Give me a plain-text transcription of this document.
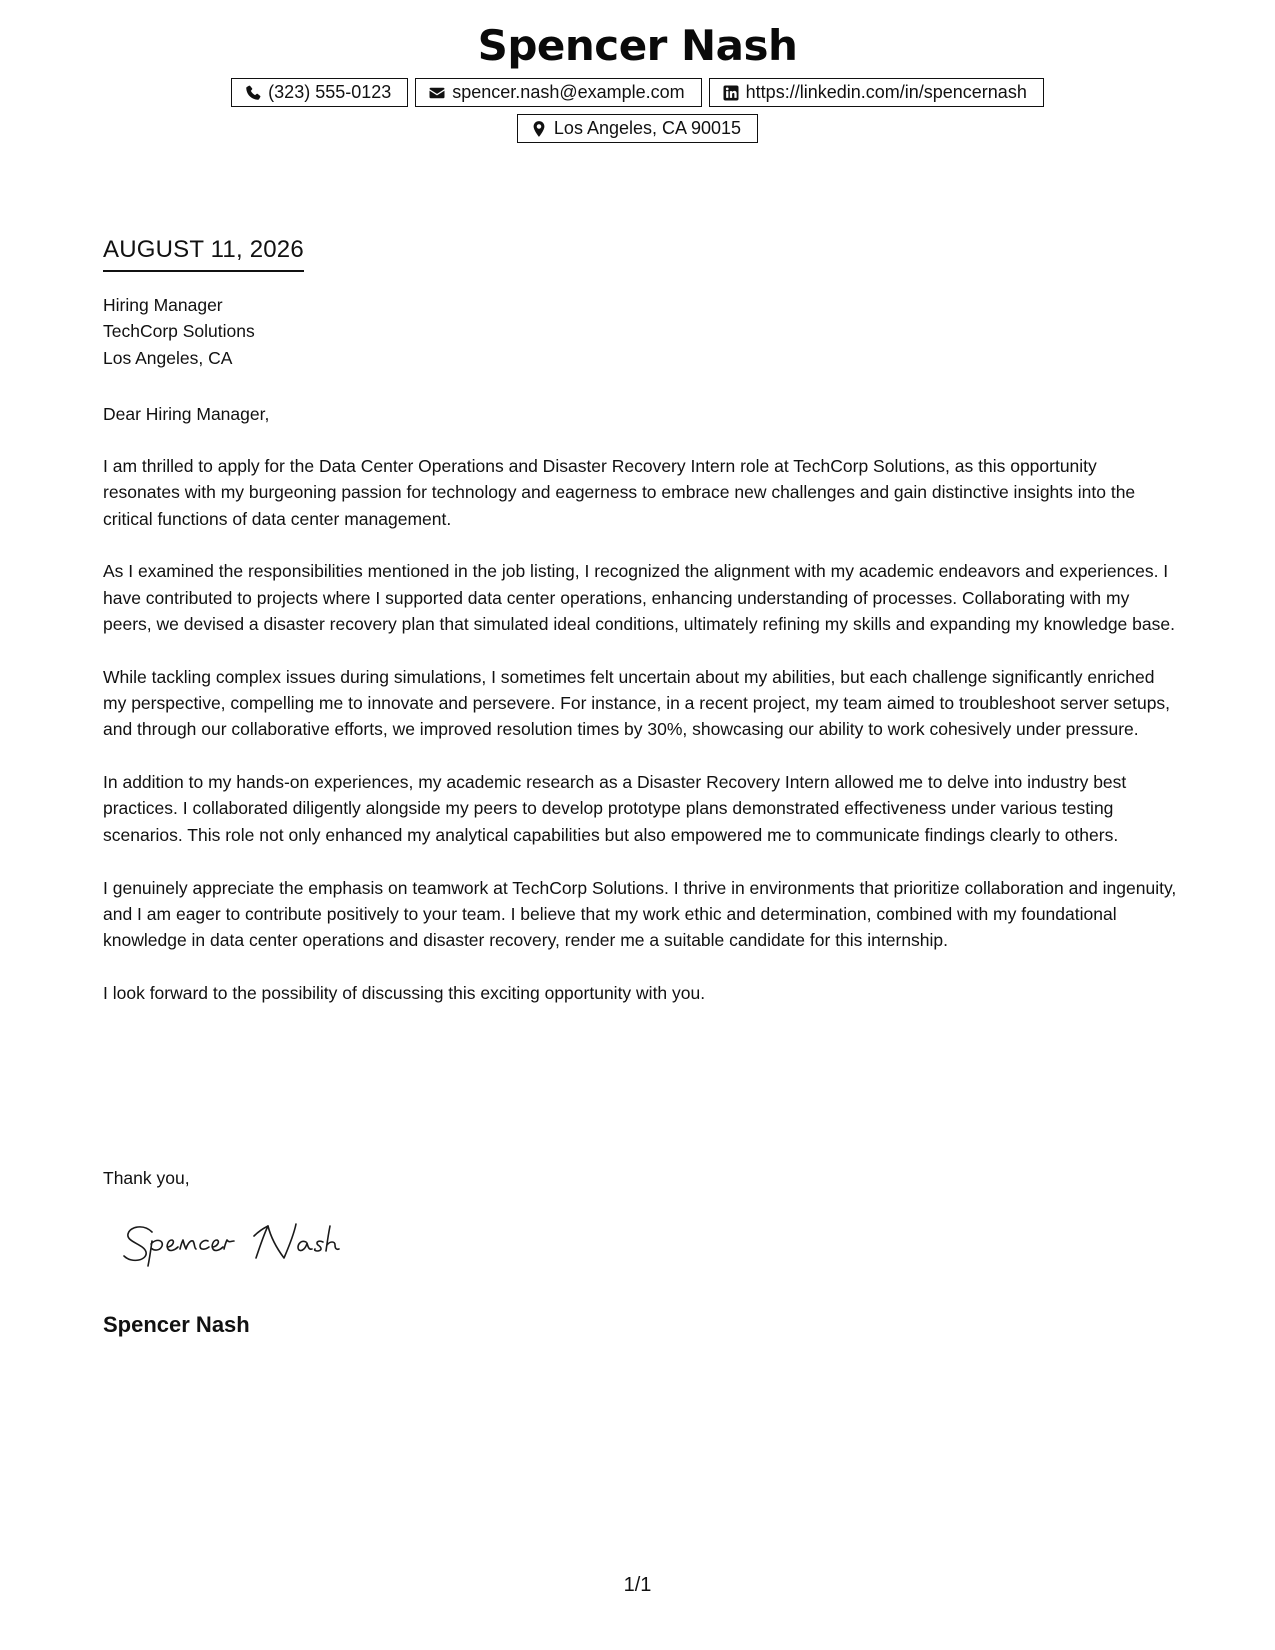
Spencer Nash
(323) 555-0123	spencer.nash@example.com	https://linkedin.com/in/spencernash
Los Angeles, CA 90015
AUGUST 11, 2026
Hiring Manager
TechCorp Solutions
Los Angeles, CA
Dear Hiring Manager,

I am thrilled to apply for the Data Center Operations and Disaster Recovery Intern role at TechCorp Solutions, as this opportunity resonates with my burgeoning passion for technology and eagerness to embrace new challenges and gain distinctive insights into the critical functions of data center management.

As I examined the responsibilities mentioned in the job listing, I recognized the alignment with my academic endeavors and experiences. I have contributed to projects where I supported data center operations, enhancing understanding of processes. Collaborating with my peers, we devised a disaster recovery plan that simulated ideal conditions, ultimately refining my skills and expanding my knowledge base.

While tackling complex issues during simulations, I sometimes felt uncertain about my abilities, but each challenge significantly enriched my perspective, compelling me to innovate and persevere. For instance, in a recent project, my team aimed to troubleshoot server setups, and through our collaborative efforts, we improved resolution times by 30%, showcasing our ability to work cohesively under pressure.

In addition to my hands-on experiences, my academic research as a Disaster Recovery Intern allowed me to delve into industry best practices. I collaborated diligently alongside my peers to develop prototype plans demonstrated effectiveness under various testing scenarios. This role not only enhanced my analytical capabilities but also empowered me to communicate findings clearly to others.

I genuinely appreciate the emphasis on teamwork at TechCorp Solutions. I thrive in environments that prioritize collaboration and ingenuity, and I am eager to contribute positively to your team. I believe that my work ethic and determination, combined with my foundational knowledge in data center operations and disaster recovery, render me a suitable candidate for this internship.

I look forward to the possibility of discussing this exciting opportunity with you.

Thank you,
Spencer Nash
1/1
